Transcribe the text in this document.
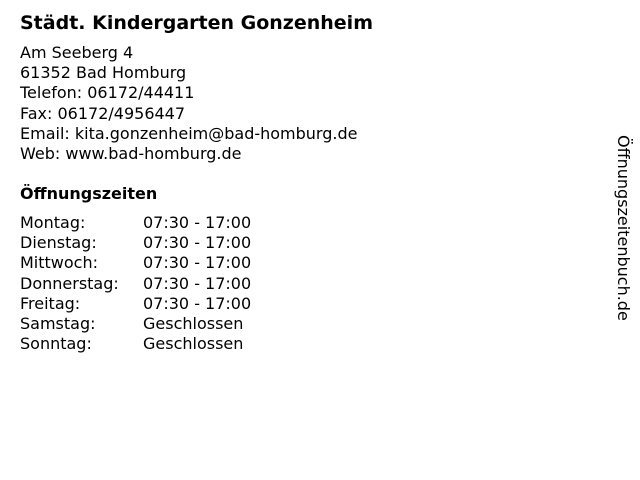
Städt. Kindergarten Gonzenheim
Am Seeberg 4
61352 Bad Homburg
Telefon: 06172/44411
Fax: 06172/4956447
Email: kita.gonzenheim@bad-homburg.de
Web: www.bad-homburg.de
Öffnungszeiten
Montag:	07:30 - 17:00
Dienstag:	07:30 - 17:00
Mittwoch:	07:30 - 17:00
Donnerstag: 07:30 - 17:00
Freitag:	07:30 - 17:00
Samstag:	Geschlossen
Sonntag:	Geschlossen
Öffnungszeitenbuch.de
